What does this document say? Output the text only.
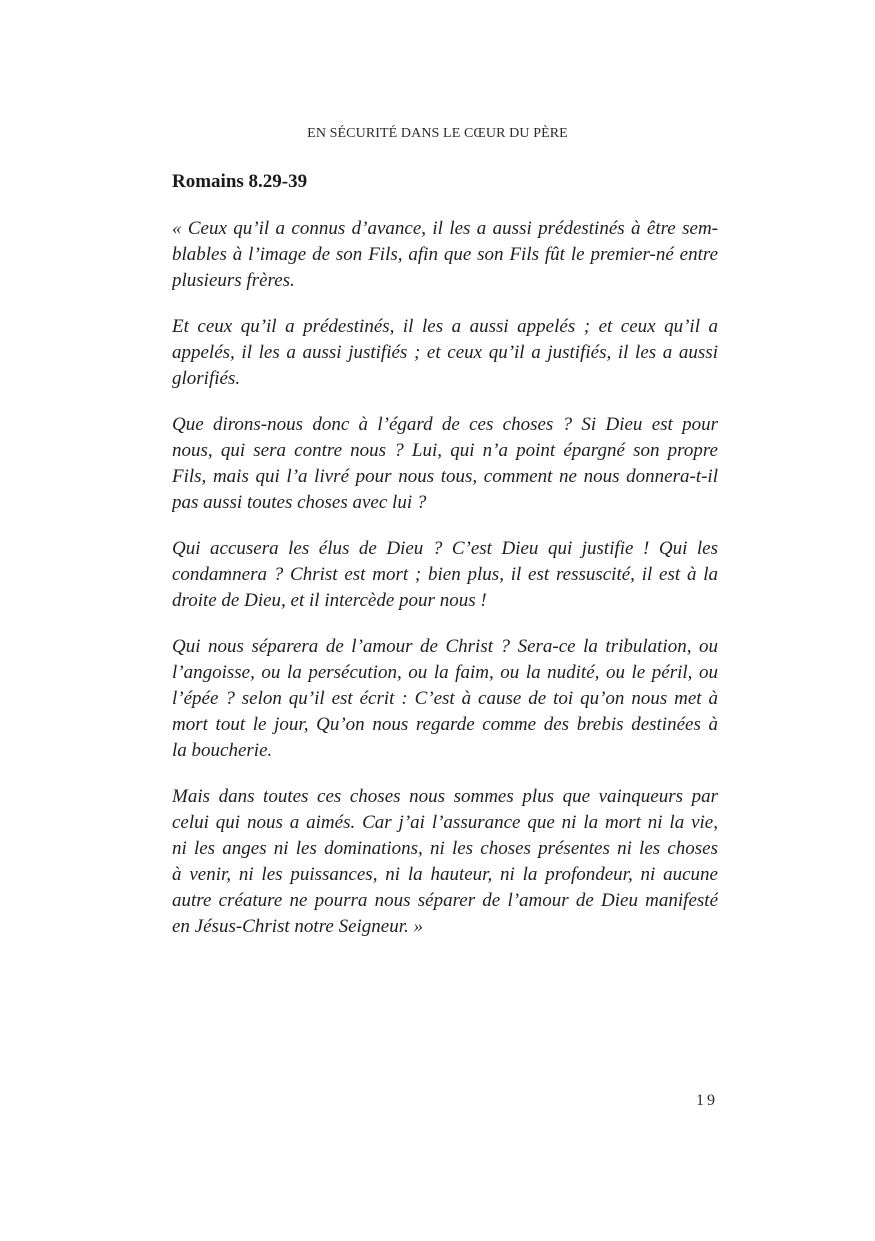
EN SÉCURITÉ DANS LE CŒUR DU PÈRE
Romains 8.29-39

« Ceux qu’il a connus d’avance, il les a aussi prédestinés à être sem-
blables à l’image de son Fils, afin que son Fils fût le premier-né entre
plusieurs frères.

Et ceux qu’il a prédestinés, il les a aussi appelés ; et ceux qu’il a
appelés, il les a aussi justifiés ; et ceux qu’il a justifiés, il les a aussi
glorifiés.

Que dirons-nous donc à l’égard de ces choses ? Si Dieu est pour
nous, qui sera contre nous ? Lui, qui n’a point épargné son propre
Fils, mais qui l’a livré pour nous tous, comment ne nous donnera-t-il
pas aussi toutes choses avec lui ?

Qui accusera les élus de Dieu ? C’est Dieu qui justifie ! Qui les
condamnera ? Christ est mort ; bien plus, il est ressuscité, il est à la
droite de Dieu, et il intercède pour nous !

Qui nous séparera de l’amour de Christ ? Sera-ce la tribulation, ou
l’angoisse, ou la persécution, ou la faim, ou la nudité, ou le péril, ou
l’épée ? selon qu’il est écrit : C’est à cause de toi qu’on nous met à
mort tout le jour, Qu’on nous regarde comme des brebis destinées à
la boucherie.

Mais dans toutes ces choses nous sommes plus que vainqueurs par
celui qui nous a aimés. Car j’ai l’assurance que ni la mort ni la vie,
ni les anges ni les dominations, ni les choses présentes ni les choses
à venir, ni les puissances, ni la hauteur, ni la profondeur, ni aucune
autre créature ne pourra nous séparer de l’amour de Dieu manifesté
en Jésus-Christ notre Seigneur. »

19
